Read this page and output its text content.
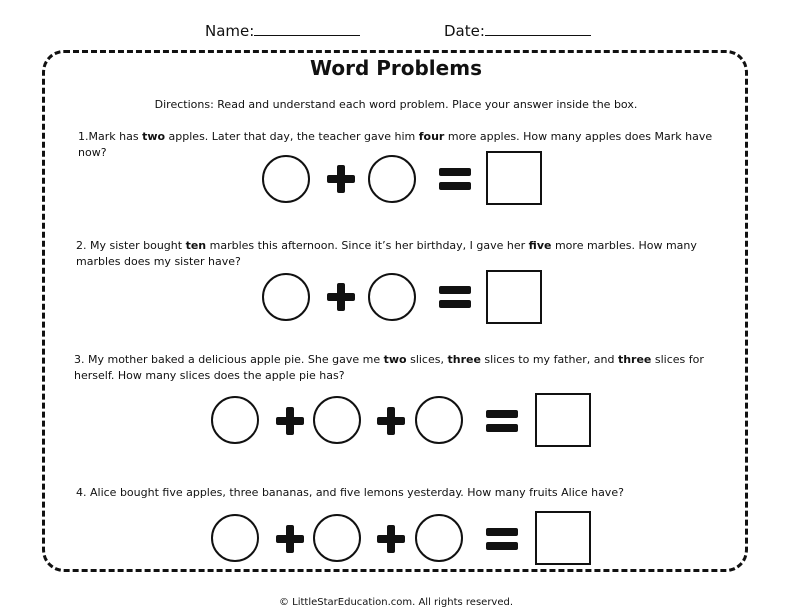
Name:	Date:
Word Problems
Directions: Read and understand each word problem. Place your answer inside the box.
1.Mark has two apples. Later that day, the teacher gave him four more apples. How many apples does Mark have now?
2. My sister bought ten marbles this afternoon. Since it’s her birthday, I gave her five more marbles. How many marbles does my sister have?
3. My mother baked a delicious apple pie. She gave me two slices, three slices to my father, and three slices for herself. How many slices does the apple pie has?
4. Alice bought five apples, three bananas, and five lemons yesterday. How many fruits Alice have?
© LittleStarEducation.com. All rights reserved.
